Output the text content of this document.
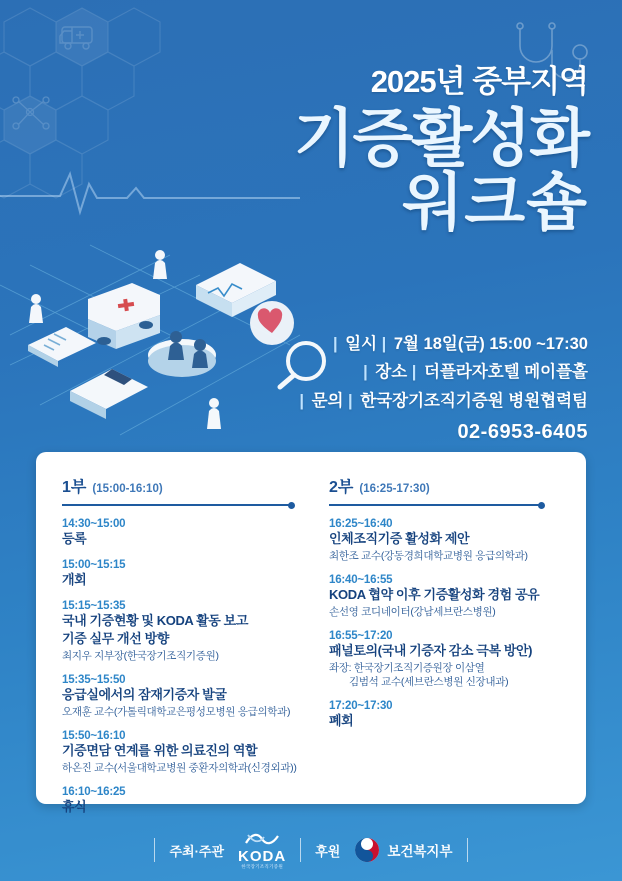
2025년 중부지역
기증활성화
워크숍
| 일시 | 7월 18일(금) 15:00 ~17:30
| 장소 | 더플라자호텔 메이플홀
| 문의 | 한국장기조직기증원 병원협력팀
02-6953-6405
1부 (15:00-16:10)
14:30~15:00
등록
15:00~15:15
개회
15:15~15:35
국내 기증현황 및 KODA 활동 보고
기증 실무 개선 방향
최지우 지부장(한국장기조직기증원)
15:35~15:50
응급실에서의 잠재기증자 발굴
오재훈 교수(가톨릭대학교은평성모병원 응급의학과)
15:50~16:10
기증면담 연계를 위한 의료진의 역할
하온진 교수(서울대학교병원 중환자의학과(신경외과))
16:10~16:25
휴식
2부 (16:25-17:30)
16:25~16:40
인체조직기증 활성화 제안
최한조 교수(강동경희대학교병원 응급의학과)
16:40~16:55
KODA 협약 이후 기증활성화 경험 공유
손선영 코디네이터(강남세브란스병원)
16:55~17:20
패널토의(국내 기증자 감소 극복 방안)
좌장: 한국장기조직기증원장 이삼열
김범석 교수(세브란스병원 신장내과)
17:20~17:30
폐회
주최·주관 KODA
한국장기조직기증원
후원	보건복지부
